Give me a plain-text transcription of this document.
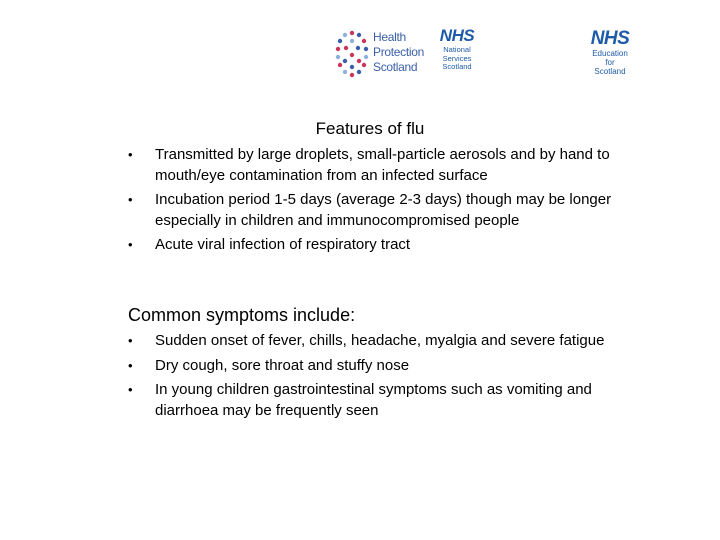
Health
Protection
Scotland
NHS
National
Services
Scotland
NHS
Education
for
Scotland
Features of flu
• Transmitted by large droplets, small-particle aerosols and by hand to mouth/eye contamination from an infected surface
• Incubation period 1-5 days (average 2-3 days) though may be longer especially in children and immunocompromised people
• Acute viral infection of respiratory tract
Common symptoms include:
• Sudden onset of fever, chills, headache, myalgia and severe fatigue
• Dry cough, sore throat and stuffy nose
• In young children gastrointestinal symptoms such as vomiting and diarrhoea may be frequently seen
